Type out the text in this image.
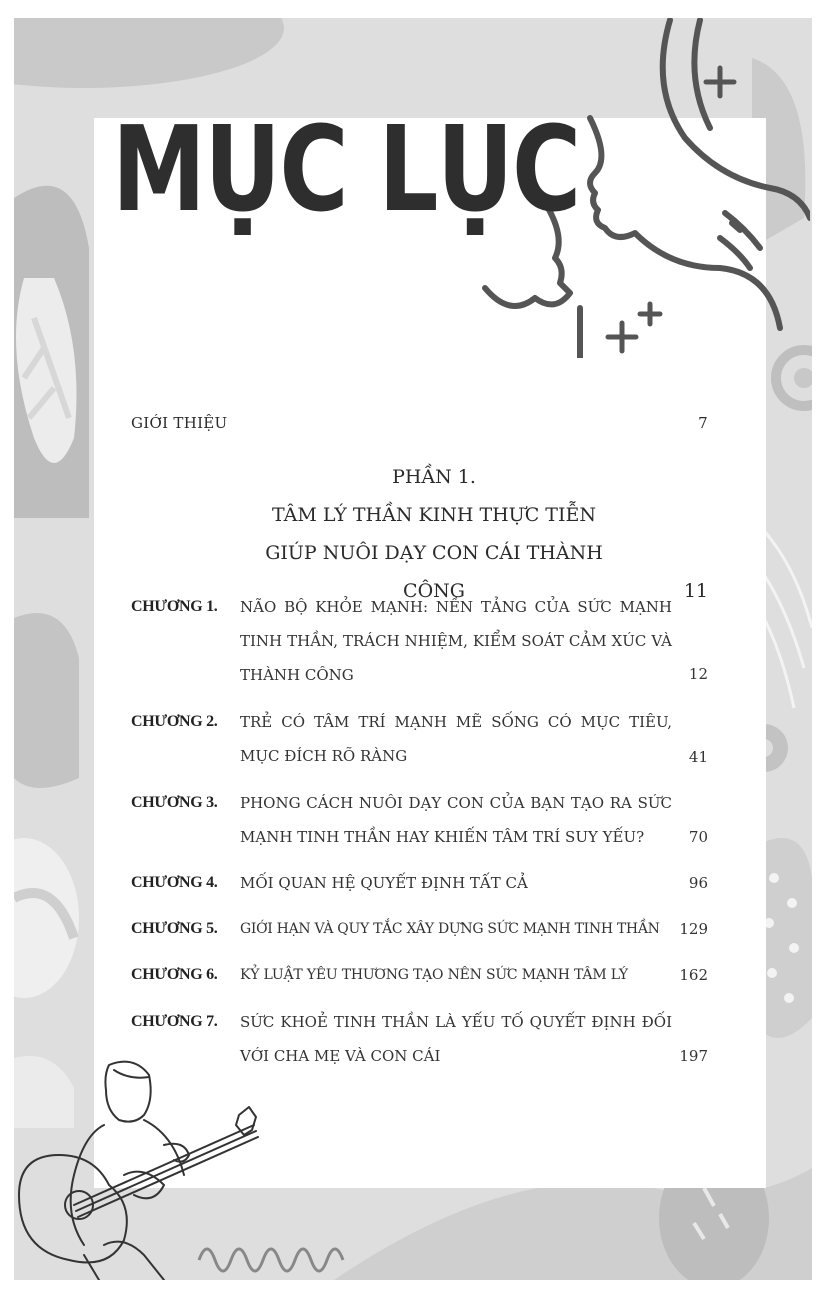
MỤC LỤC
GIỚI THIỆU	7
PHẦN 1.
TÂM LÝ THẦN KINH THỰC TIỄN
GIÚP NUÔI DẠY CON CÁI THÀNH CÔNG	11
CHƯƠNG 1. NÃO BỘ KHỎE MẠNH: NỀN TẢNG CỦA SỨC MẠNH TINH THẦN, TRÁCH NHIỆM, KIỂM SOÁT CẢM XÚC VÀ THÀNH CÔNG	12
CHƯƠNG 2. TRẺ CÓ TÂM TRÍ MẠNH MẼ SỐNG CÓ MỤC TIÊU, MỤC ĐÍCH RÕ RÀNG	41
CHƯƠNG 3. PHONG CÁCH NUÔI DẠY CON CỦA BẠN TẠO RA SỨC MẠNH TINH THẦN HAY KHIẾN TÂM TRÍ SUY YẾU?	70
CHƯƠNG 4. MỐI QUAN HỆ QUYẾT ĐỊNH TẤT CẢ	96
CHƯƠNG 5. GIỚI HẠN VÀ QUY TẮC XÂY DỰNG SỨC MẠNH TINH THẦN	129
CHƯƠNG 6. KỶ LUẬT YÊU THƯƠNG TẠO NÊN SỨC MẠNH TÂM LÝ	162
CHƯƠNG 7. SỨC KHOẺ TINH THẦN LÀ YẾU TỐ QUYẾT ĐỊNH ĐỐI VỚI CHA MẸ VÀ CON CÁI	197
